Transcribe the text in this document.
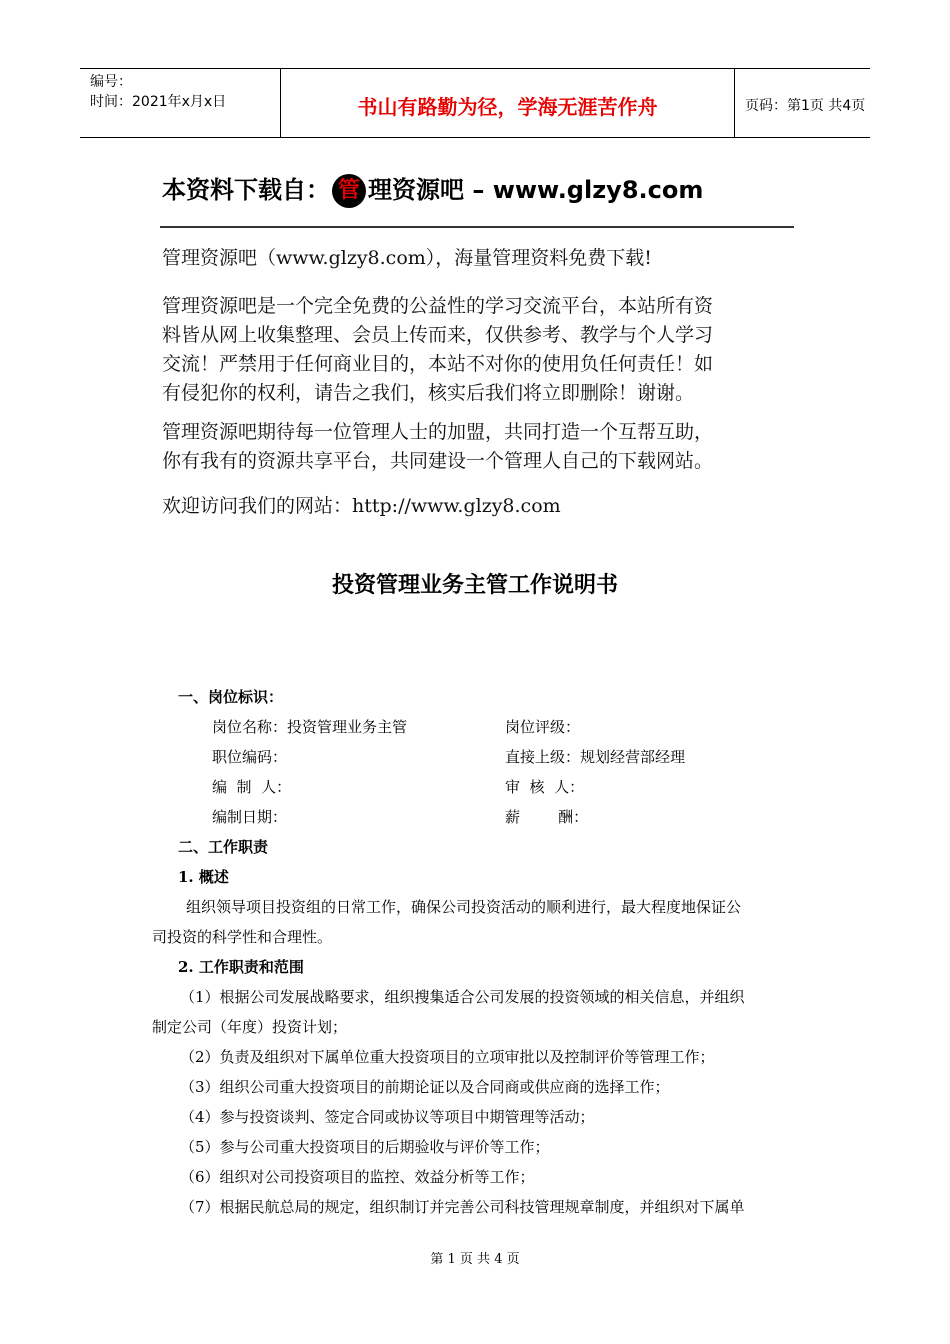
编号：
时间：2021年x月x日	书山有路勤为径，学海无涯苦作舟	页码：第1页 共4页
本资料下载自： 管 理资源吧 – www.glzy8.com
管理资源吧（www.glzy8.com），海量管理资料免费下载!
管理资源吧是一个完全免费的公益性的学习交流平台，本站所有资
料皆从网上收集整理、会员上传而来，仅供参考、教学与个人学习
交流！严禁用于任何商业目的，本站不对你的使用负任何责任！如
有侵犯你的权利，请告之我们，核实后我们将立即删除！谢谢。
管理资源吧期待每一位管理人士的加盟，共同打造一个互帮互助，
你有我有的资源共享平台，共同建设一个管理人自己的下载网站。
欢迎访问我们的网站：http://www.glzy8.com
投资管理业务主管工作说明书
一、岗位标识：
岗位名称：投资管理业务主管	岗位评级：
职位编码：	直接上级：规划经营部经理
编  制  人：	审  核  人：
编制日期：	薪        酬：
二、工作职责
1. 概述
组织领导项目投资组的日常工作，确保公司投资活动的顺利进行，最大程度地保证公
司投资的科学性和合理性。
2. 工作职责和范围
（1）根据公司发展战略要求，组织搜集适合公司发展的投资领域的相关信息，并组织
制定公司（年度）投资计划；
（2）负责及组织对下属单位重大投资项目的立项审批以及控制评价等管理工作；
（3）组织公司重大投资项目的前期论证以及合同商或供应商的选择工作；
（4）参与投资谈判、签定合同或协议等项目中期管理等活动；
（5）参与公司重大投资项目的后期验收与评价等工作；
（6）组织对公司投资项目的监控、效益分析等工作；
（7）根据民航总局的规定，组织制订并完善公司科技管理规章制度，并组织对下属单
第 1 页 共 4 页
